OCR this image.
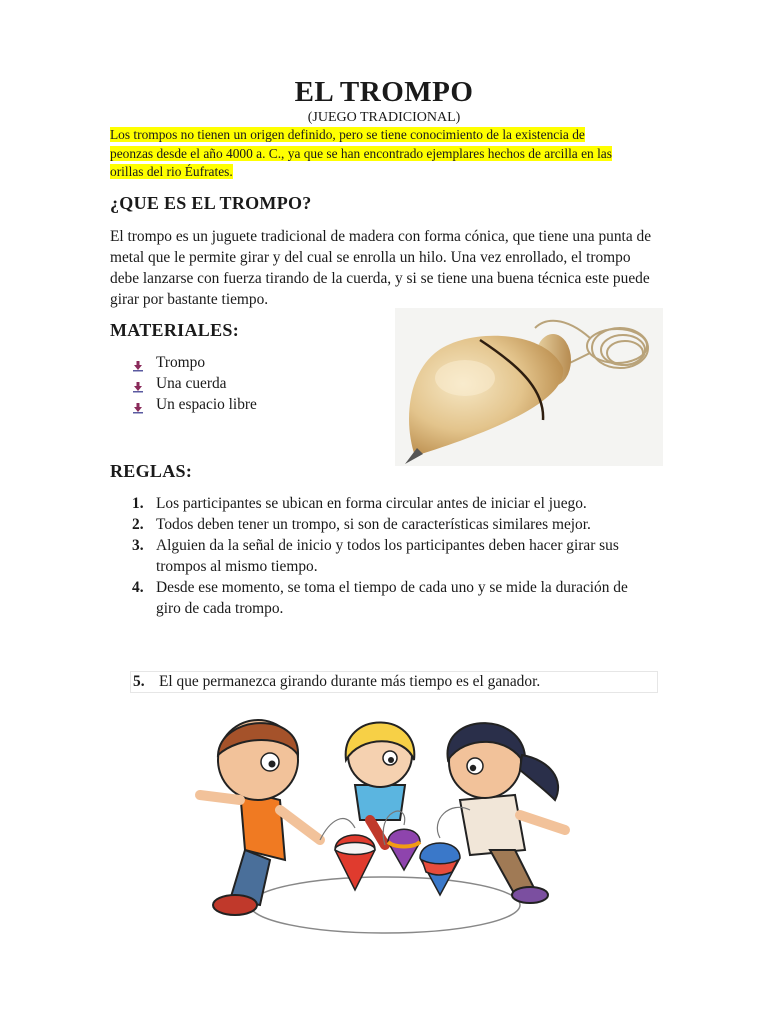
EL TROMPO

(JUEGO TRADICIONAL)

Los trompos no tienen un origen definido, pero se tiene conocimiento de la existencia de peonzas desde el año 4000 a. C., ya que se han encontrado ejemplares hechos de arcilla en las orillas del rio Éufrates.

¿QUE ES EL TROMPO?

El trompo es un juguete tradicional de madera con forma cónica, que tiene una punta de metal que le permite girar y del cual se enrolla un hilo. Una vez enrollado, el trompo debe lanzarse con fuerza tirando de la cuerda, y si se tiene una buena técnica este puede girar por bastante tiempo.

MATERIALES:
Trompo
Una cuerda
Un espacio libre
REGLAS:
1. Los participantes se ubican en forma circular antes de iniciar el juego.
2. Todos deben tener un trompo, si son de características similares mejor.
3. Alguien da la señal de inicio y todos los participantes deben hacer girar sus trompos al mismo tiempo.
4. Desde ese momento, se toma el tiempo de cada uno y se mide la duración de giro de cada trompo.
5. El que permanezca girando durante más tiempo es el ganador.
